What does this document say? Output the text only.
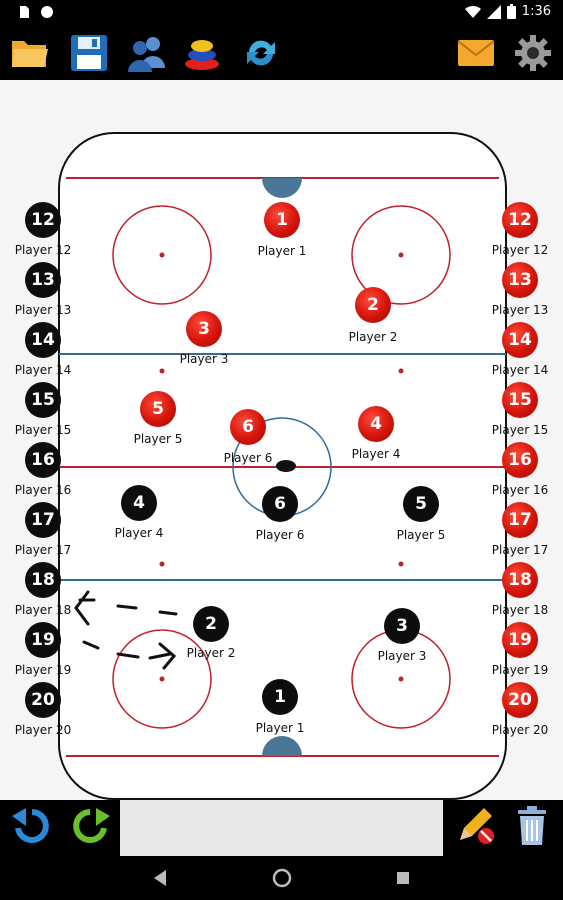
1:36
1
Player 1
2
Player 2
3
Player 3
4
Player 4
5
Player 5
6
Player 6
1
Player 1
2
Player 2
3
Player 3
4
Player 4
5
Player 5
6
Player 6
12
Player 12
13
Player 13
14
Player 14
15
Player 15
16
Player 16
17
Player 17
18
Player 18
19
Player 19
20
Player 20
12
Player 12
13
Player 13
14
Player 14
15
Player 15
16
Player 16
17
Player 17
18
Player 18
19
Player 19
20
Player 20
